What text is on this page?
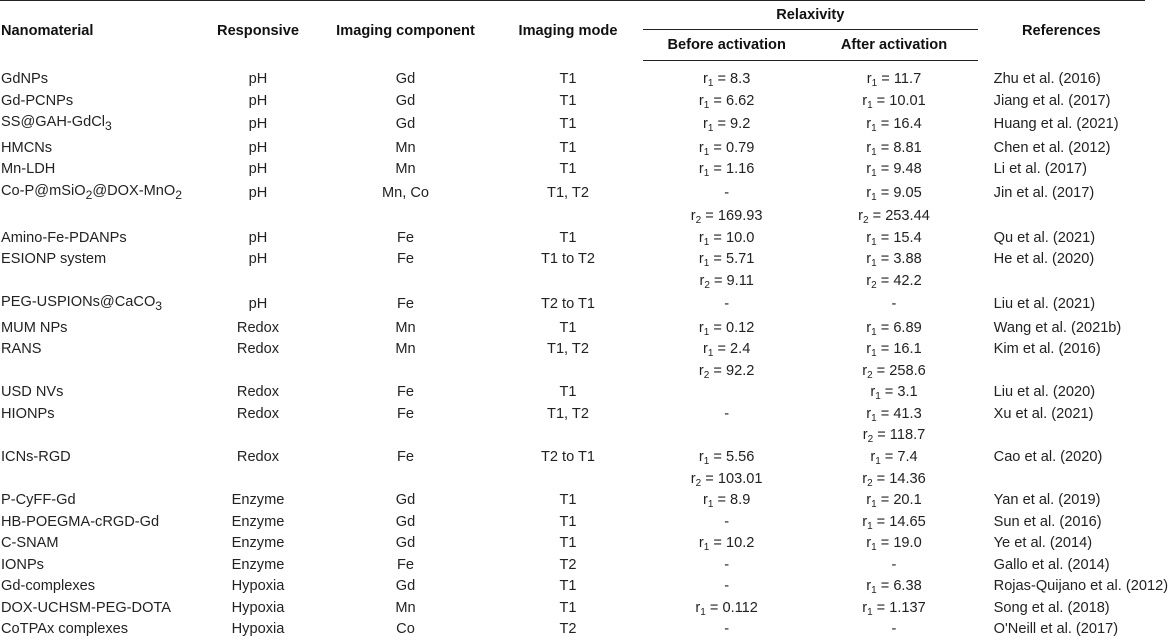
Nanomaterial	Responsive	Imaging component	Imaging mode	Relaxivity		References
				Before activation	After activation	

GdNPs	pH	Gd	T1	$r_1 = 8.3$	$r_1 = 11.7$	Zhu et al. (2016)
Gd-PCNPs	pH	Gd	T1	$r_1 = 6.62$	$r_1 = 10.01$	Jiang et al. (2017)
SS@GAH-GdCl$_3$	pH	Gd	T1	$r_1 = 9.2$	$r_1 = 16.4$	Huang et al. (2021)
HMCNs	pH	Mn	T1	$r_1 = 0.79$	$r_1 = 8.81$	Chen et al. (2012)
Mn-LDH	pH	Mn	T1	$r_1 = 1.16$	$r_1 = 9.48$	Li et al. (2017)
Co-P@mSiO$_2$@DOX-MnO$_2$	pH	Mn, Co	T1, T2	-	$r_1 = 9.05$	Jin et al. (2017)
				$r_2 = 169.93$	$r_2 = 253.44$	
Amino-Fe-PDANPs	pH	Fe	T1	$r_1 = 10.0$	$r_1 = 15.4$	Qu et al. (2021)
ESIONP system	pH	Fe	T1 to T2	$r_1 = 5.71$	$r_1 = 3.88$	He et al. (2020)
				$r_2 = 9.11$	$r_2 = 42.2$	
PEG-USPIONs@CaCO$_3$	pH	Fe	T2 to T1	-	-	Liu et al. (2021)
MUM NPs	Redox	Mn	T1	$r_1 = 0.12$	$r_1 = 6.89$	Wang et al. (2021b)
RANS	Redox	Mn	T1, T2	$r_1 = 2.4$	$r_1 = 16.1$	Kim et al. (2016)
				$r_2 = 92.2$	$r_2 = 258.6$	
USD NVs	Redox	Fe	T1		$r_1 = 3.1$	Liu et al. (2020)
HIONPs	Redox	Fe	T1, T2	-	$r_1 = 41.3$	Xu et al. (2021)
					$r_2 = 118.7$	
ICNs-RGD	Redox	Fe	T2 to T1	$r_1 = 5.56$	$r_1 = 7.4$	Cao et al. (2020)
				$r_2 = 103.01$	$r_2 = 14.36$	
P-CyFF-Gd	Enzyme	Gd	T1	$r_1 = 8.9$	$r_1 = 20.1$	Yan et al. (2019)
HB-POEGMA-cRGD-Gd	Enzyme	Gd	T1	-	$r_1 = 14.65$	Sun et al. (2016)
C-SNAM	Enzyme	Gd	T1	$r_1 = 10.2$	$r_1 = 19.0$	Ye et al. (2014)
IONPs	Enzyme	Fe	T2	-	-	Gallo et al. (2014)
Gd-complexes	Hypoxia	Gd	T1	-	$r_1 = 6.38$	Rojas-Quijano et al. (2012)
DOX-UCHSM-PEG-DOTA	Hypoxia	Mn	T1	$r_1 = 0.112$	$r_1 = 1.137$	Song et al. (2018)
CoTPAx complexes	Hypoxia	Co	T2	-	-	O'Neill et al. (2017)
